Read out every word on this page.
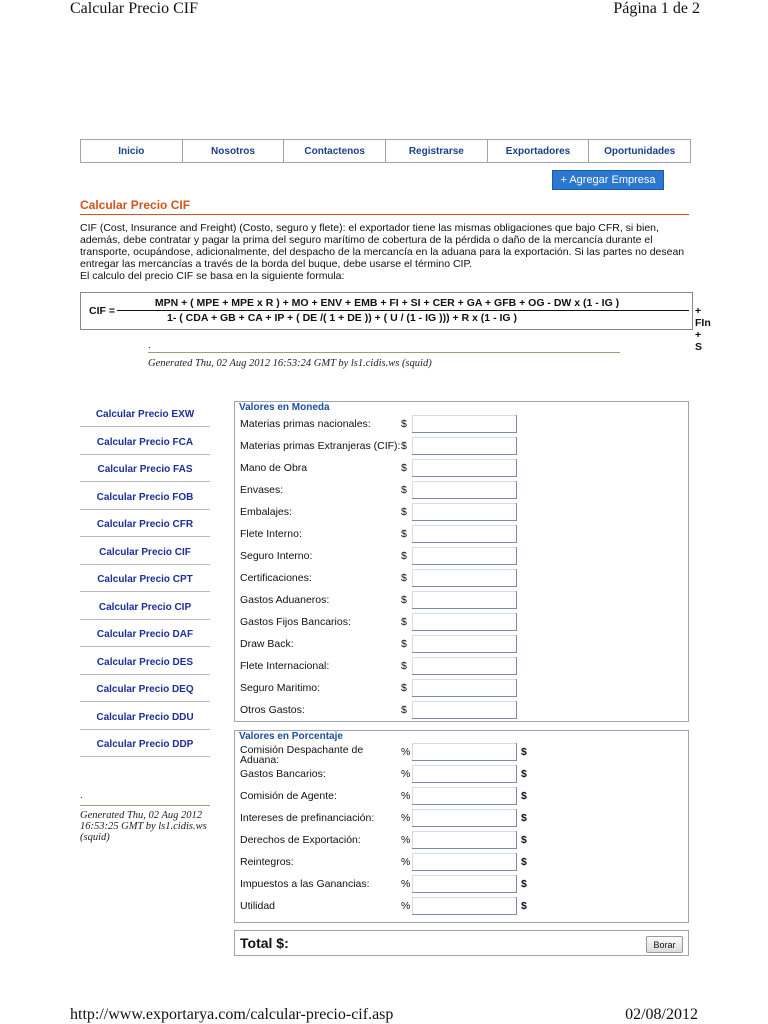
Calcular Precio CIF	Página 1 de 2
Inicio	Nosotros	Contactenos	Registrarse	Exportadores	Oportunidades
+ Agregar Empresa
Calcular Precio CIF
CIF (Cost, Insurance and Freight) (Costo, seguro y flete): el exportador tiene las mismas obligaciones que bajo CFR, si bien, además, debe contratar y pagar la prima del seguro marítimo de cobertura de la pérdida o daño de la mercancía durante el transporte, ocupándose, adicionalmente, del despacho de la mercancía en la aduana para la exportación. Si las partes no desean entregar las mercancías a través de la borda del buque, debe usarse el término CIP.
El calculo del precio CIF se basa en la siguiente formula:
CIF =
MPN + ( MPE + MPE x R ) + MO + ENV + EMB + FI + SI + CER + GA + GFB + OG - DW x (1 - IG )
1- ( CDA + GB + CA + IP + ( DE /( 1 + DE )) + ( U / (1 - IG ))) + R x (1 - IG )
+ FIn + S
.
Generated Thu, 02 Aug 2012 16:53:24 GMT by ls1.cidis.ws (squid)
Calcular Precio EXW
Calcular Precio FCA
Calcular Precio FAS
Calcular Precio FOB
Calcular Precio CFR
Calcular Precio CIF
Calcular Precio CPT
Calcular Precio CIP
Calcular Precio DAF
Calcular Precio DES
Calcular Precio DEQ
Calcular Precio DDU
Calcular Precio DDP
.
Generated Thu, 02 Aug 2012 16:53:25 GMT by ls1.cidis.ws (squid)
Valores en Moneda
Materias primas nacionales:	$
Materias primas Extranjeras (CIF): $
Mano de Obra	$
Envases:	$
Embalajes:	$
Flete Interno:	$
Seguro Interno:	$
Certificaciones:	$
Gastos Aduaneros:	$
Gastos Fijos Bancarios:	$
Draw Back:	$
Flete Internacional:	$
Seguro Maritimo:	$
Otros Gastos:	$
Valores en Porcentaje
Comisión Despachante de Aduana:
%	$
Gastos Bancarios:	%	$
Comisión de Agente:	%	$
Intereses de prefinanciación:	%	$
Derechos de Exportación:	%	$
Reintegros:	%	$
Impuestos a las Ganancias:	%	$
Utilidad	%	$
Total $:	Borar
http://www.exportarya.com/calcular-precio-cif.asp	02/08/2012
